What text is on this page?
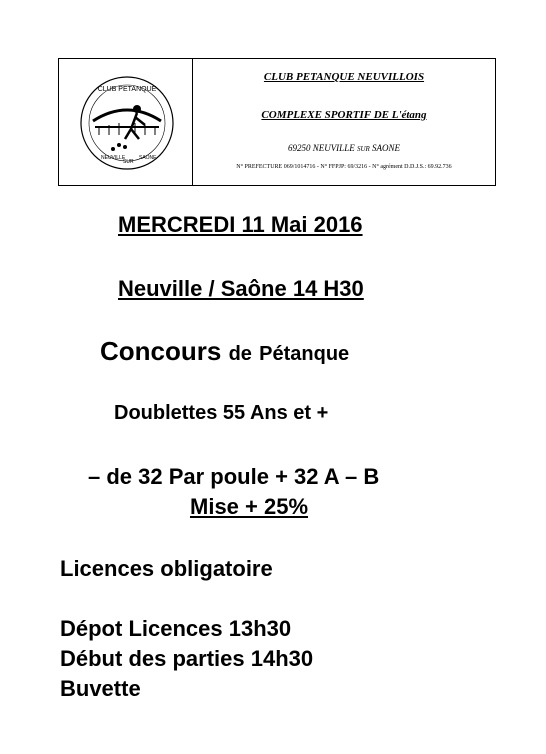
CLUB PETANQUE
NEUVILLE
SUR
SAONE
CLUB PETANQUE NEUVILLOIS
COMPLEXE SPORTIF DE L'étang
69250 NEUVILLE SUR SAONE
N° PREFECTURE 069/1014716 - N° FFPJP: 69/3216 - N° agrément D.D.J.S.: 69.92.736
MERCREDI 11 Mai 2016
Neuville / Saône 14 H30
Concours de Pétanque
Doublettes 55 Ans et +
– de 32 Par poule + 32 A – B
Mise + 25%
Licences obligatoire
Dépot Licences 13h30
Début des parties 14h30
Buvette
